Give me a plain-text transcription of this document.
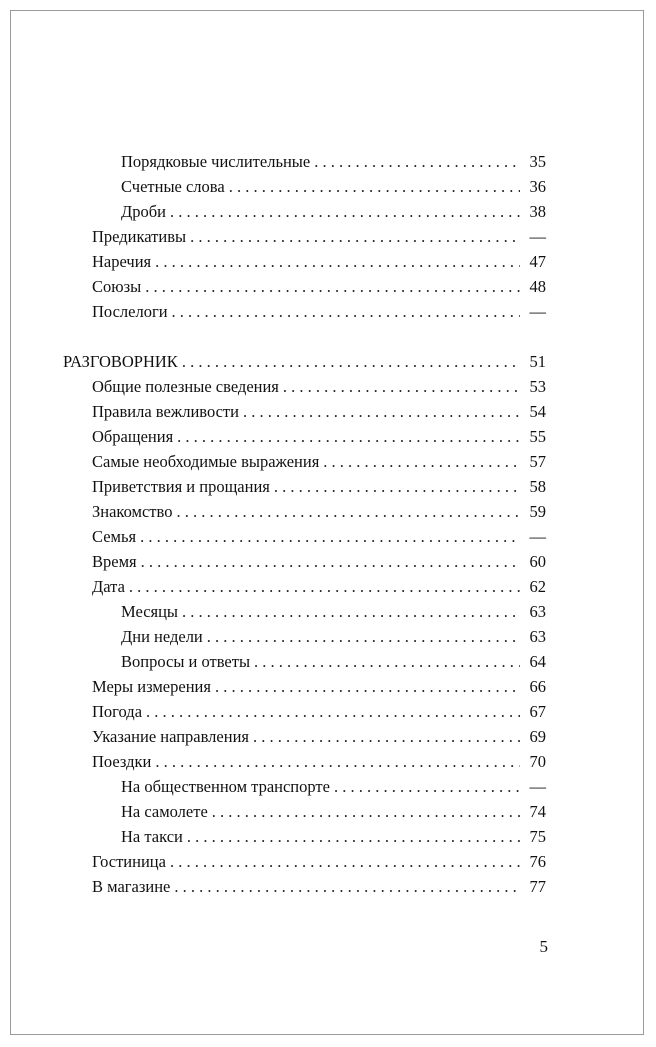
Порядковые числительные . . .	35
Счетные слова . . .	36
Дроби . . .	38
Предикативы . . .	—
Наречия . . .	47
Союзы . . .	48
Послелоги . . .	—
РАЗГОВОРНИК . . .	51
Общие полезные сведения . . .	53
Правила вежливости . . .	54
Обращения . . .	55
Самые необходимые выражения . . .	57
Приветствия и прощания . . .	58
Знакомство . . .	59
Семья . . .	—
Время . . .	60
Дата . . .	62
Месяцы . . .	63
Дни недели . . .	63
Вопросы и ответы . . .	64
Меры измерения . . .	66
Погода . . .	67
Указание направления . . .	69
Поездки . . .	70
На общественном транспорте . . .	—
На самолете . . .	74
На такси . . .	75
Гостиница . . .	76
В магазине . . .	77
5
